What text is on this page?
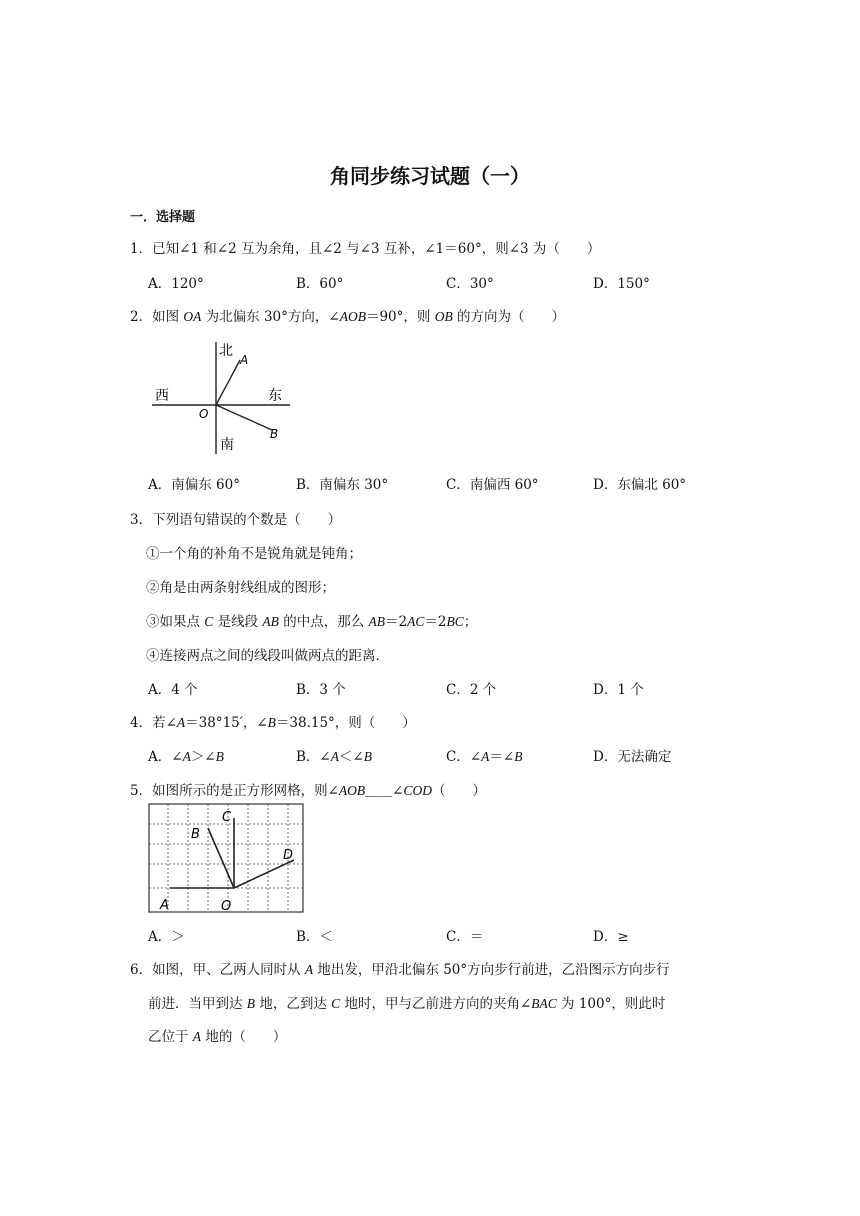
角同步练习试题（一）
一．选择题
1．已知∠1 和∠2 互为余角，且∠2 与∠3 互补，∠1＝60°，则∠3 为（　　）
A．120°	B．60°	C．30°	D．150°
2．如图 OA 为北偏东 30°方向，∠AOB＝90°，则 OB 的方向为（　　）
北
A
西	东
O
B
南
A．南偏东 60°	B．南偏东 30°	C．南偏西 60°	D．东偏北 60°
3．下列语句错误的个数是（　　）
①一个角的补角不是锐角就是钝角；
②角是由两条射线组成的图形；
③如果点 C 是线段 AB 的中点，那么 AB＝2AC＝2BC；
④连接两点之间的线段叫做两点的距离．
A．4 个	B．3 个	C．2 个	D．1 个
4．若∠A＝38°15′，∠B＝38.15°，则（　　）
A．∠A＞∠B	B．∠A＜∠B	C．∠A＝∠B	D．无法确定
5．如图所示的是正方形网格，则∠AOB＿＿∠COD（　　）
A
B
C
D
O
A．＞	B．＜	C．＝	D．≥
6．如图，甲、乙两人同时从 A 地出发，甲沿北偏东 50°方向步行前进，乙沿图示方向步行
前进．当甲到达 B 地，乙到达 C 地时，甲与乙前进方向的夹角∠BAC 为 100°，则此时
乙位于 A 地的（　　）
